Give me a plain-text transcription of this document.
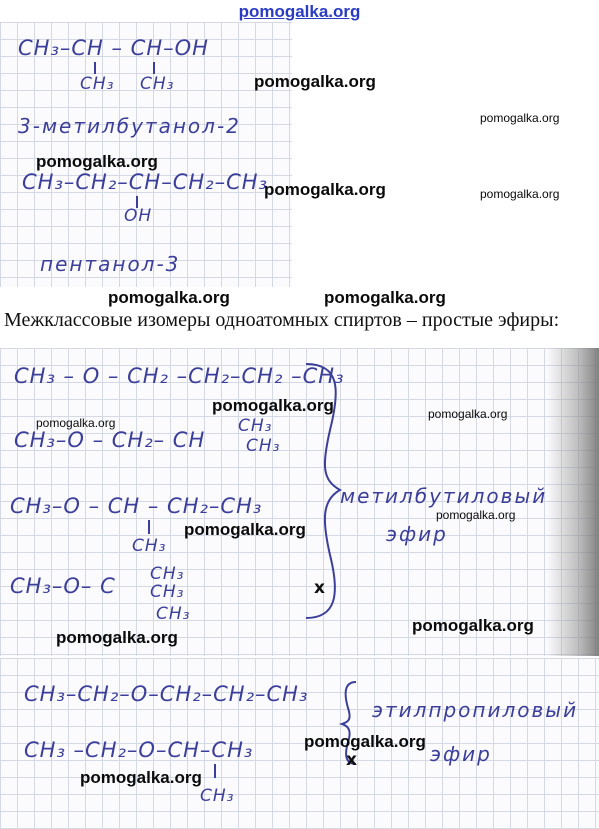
pomogalka.org
CH₃–CH – CH–OH
CH₃ CH₃
3-метилбутанол-2
CH₃–CH₂–CH–CH₂–CH₃
OH
пентанол-3
Межклассовые изомеры одноатомных спиртов – простые эфиры:
CH₃ – O – CH₂ –CH₂–CH₂ –CH₃
CH₃–O – CH₂– CH
CH₃
CH₃
CH₃–O – CH – CH₂–CH₃
CH₃
CH₃–O– C CH₃
CH₃
CH₃
метилбутиловый
эфир
x
CH₃–CH₂–O–CH₂–CH₂–CH₃
CH₃ –CH₂–O–CH–CH₃
CH₃
этилпропиловый
эфир
x
pomogalka.org
pomogalka.org
pomogalka.org
pomogalka.org	pomogalka.org
pomogalka.org	pomogalka.org
pomogalka.org
pomogalka.org
pomogalka.org
pomogalka.org
pomogalka.org
pomogalka.org
pomogalka.org
pomogalka.org
pomogalka.org
